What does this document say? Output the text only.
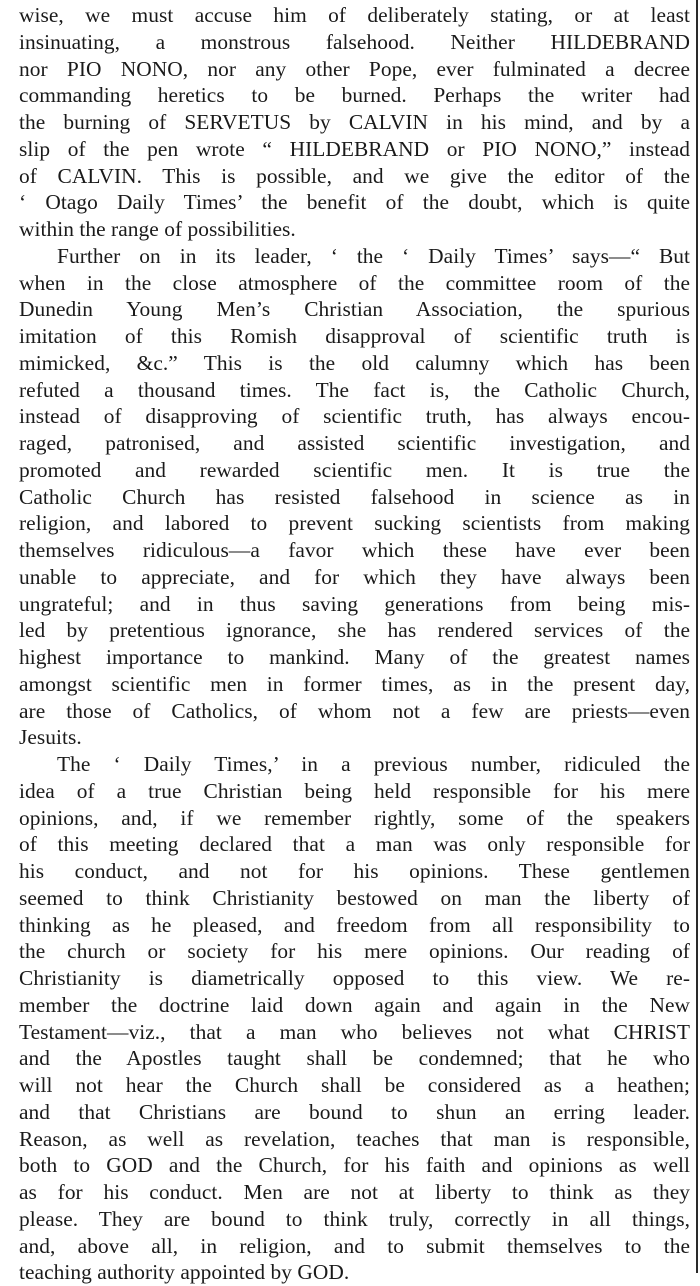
wise, we must accuse him of deliberately stating, or at least
insinuating, a monstrous falsehood. Neither HILDEBRAND
nor PIO NONO, nor any other Pope, ever fulminated a decree
commanding heretics to be burned. Perhaps the writer had
the burning of SERVETUS by CALVIN in his mind, and by a
slip of the pen wrote “ HILDEBRAND or PIO NONO,” instead
of CALVIN. This is possible, and we give the editor of the
‘ Otago Daily Times’ the benefit of the doubt, which is quite
within the range of possibilities.
Further on in its leader, ‘ the ‘ Daily Times’ says—“ But
when in the close atmosphere of the committee room of the
Dunedin Young Men’s Christian Association, the spurious
imitation of this Romish disapproval of scientific truth is
mimicked, &c.” This is the old calumny which has been
refuted a thousand times. The fact is, the Catholic Church,
instead of disapproving of scientific truth, has always encou-
raged, patronised, and assisted scientific investigation, and
promoted and rewarded scientific men. It is true the
Catholic Church has resisted falsehood in science as in
religion, and labored to prevent sucking scientists from making
themselves ridiculous—a favor which these have ever been
unable to appreciate, and for which they have always been
ungrateful; and in thus saving generations from being mis-
led by pretentious ignorance, she has rendered services of the
highest importance to mankind. Many of the greatest names
amongst scientific men in former times, as in the present day,
are those of Catholics, of whom not a few are priests—even
Jesuits.
The ‘ Daily Times,’ in a previous number, ridiculed the
idea of a true Christian being held responsible for his mere
opinions, and, if we remember rightly, some of the speakers
of this meeting declared that a man was only responsible for
his conduct, and not for his opinions. These gentlemen
seemed to think Christianity bestowed on man the liberty of
thinking as he pleased, and freedom from all responsibility to
the church or society for his mere opinions. Our reading of
Christianity is diametrically opposed to this view. We re-
member the doctrine laid down again and again in the New
Testament—viz., that a man who believes not what CHRIST
and the Apostles taught shall be condemned; that he who
will not hear the Church shall be considered as a heathen;
and that Christians are bound to shun an erring leader.
Reason, as well as revelation, teaches that man is responsible,
both to GOD and the Church, for his faith and opinions as well
as for his conduct. Men are not at liberty to think as they
please. They are bound to think truly, correctly in all things,
and, above all, in religion, and to submit themselves to the
teaching authority appointed by GOD.
